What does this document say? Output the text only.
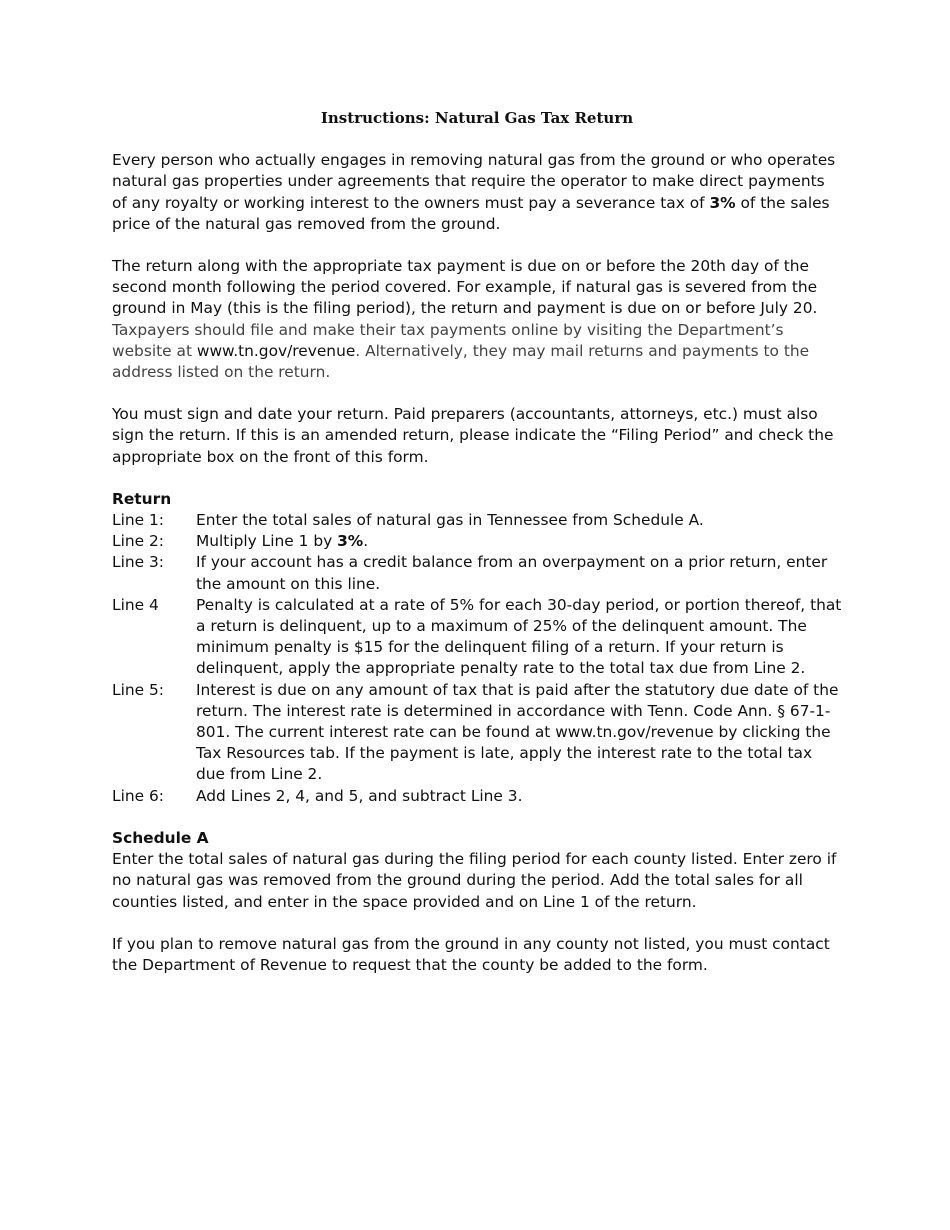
Instructions: Natural Gas Tax Return

Every person who actually engages in removing natural gas from the ground or who operates natural gas properties under agreements that require the operator to make direct payments of any royalty or working interest to the owners must pay a severance tax of 3% of the sales price of the natural gas removed from the ground.

The return along with the appropriate tax payment is due on or before the 20th day of the second month following the period covered. For example, if natural gas is severed from the ground in May (this is the filing period), the return and payment is due on or before July 20. Taxpayers should file and make their tax payments online by visiting the Department’s website at www.tn.gov/revenue. Alternatively, they may mail returns and payments to the address listed on the return.

You must sign and date your return. Paid preparers (accountants, attorneys, etc.) must also sign the return. If this is an amended return, please indicate the “Filing Period” and check the appropriate box on the front of this form.

Return
Line 1:	Enter the total sales of natural gas in Tennessee from Schedule A.
Line 2:	Multiply Line 1 by 3%.
Line 3:	If your account has a credit balance from an overpayment on a prior return, enter the amount on this line.
Line 4	Penalty is calculated at a rate of 5% for each 30-day period, or portion thereof, that a return is delinquent, up to a maximum of 25% of the delinquent amount. The minimum penalty is $15 for the delinquent filing of a return. If your return is delinquent, apply the appropriate penalty rate to the total tax due from Line 2.
Line 5:	Interest is due on any amount of tax that is paid after the statutory due date of the return. The interest rate is determined in accordance with Tenn. Code Ann. § 67-1-801. The current interest rate can be found at www.tn.gov/revenue by clicking the Tax Resources tab. If the payment is late, apply the interest rate to the total tax due from Line 2.
Line 6:	Add Lines 2, 4, and 5, and subtract Line 3.
Schedule A

Enter the total sales of natural gas during the filing period for each county listed. Enter zero if no natural gas was removed from the ground during the period. Add the total sales for all counties listed, and enter in the space provided and on Line 1 of the return.

If you plan to remove natural gas from the ground in any county not listed, you must contact the Department of Revenue to request that the county be added to the form.
